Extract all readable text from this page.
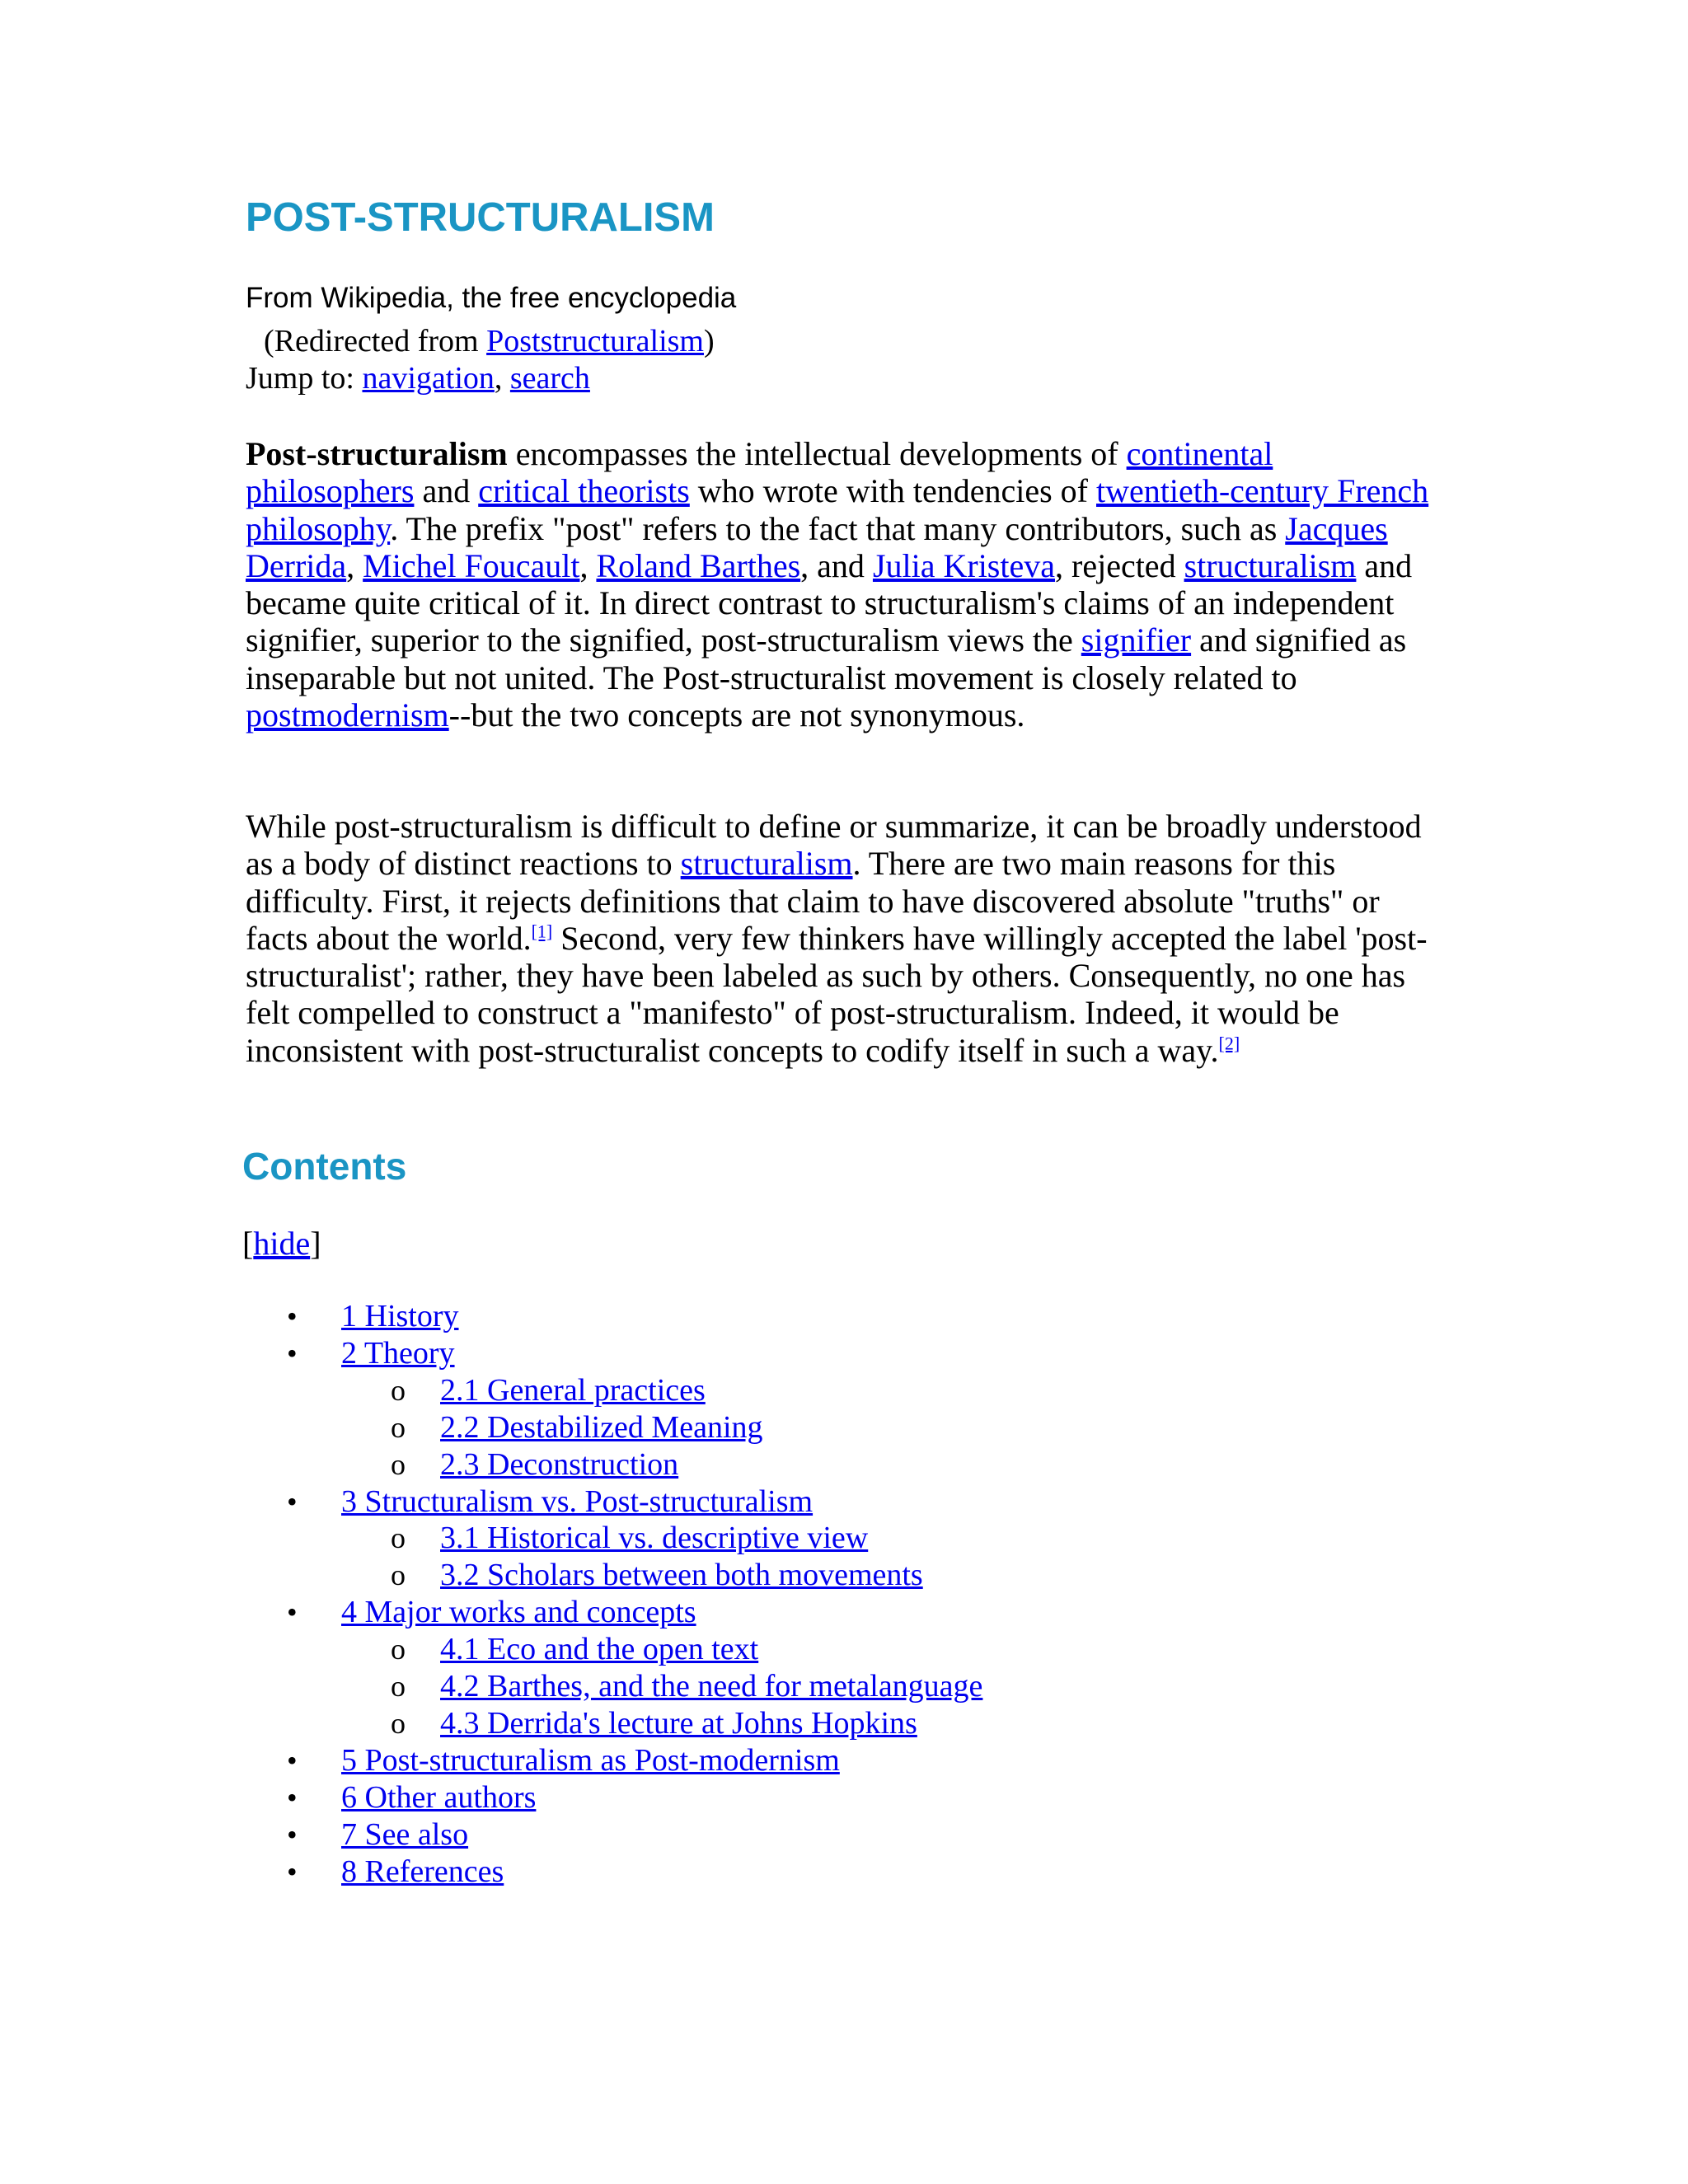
POST-STRUCTURALISM
From Wikipedia, the free encyclopedia
(Redirected from Poststructuralism)
Jump to: navigation, search

Post-structuralism encompasses the intellectual developments of continental philosophers and critical theorists who wrote with tendencies of twentieth-century French philosophy. The prefix "post" refers to the fact that many contributors, such as Jacques Derrida, Michel Foucault, Roland Barthes, and Julia Kristeva, rejected structuralism and became quite critical of it. In direct contrast to structuralism's claims of an independent signifier, superior to the signified, post-structuralism views the signifier and signified as inseparable but not united. The Post-structuralist movement is closely related to postmodernism--but the two concepts are not synonymous.

While post-structuralism is difficult to define or summarize, it can be broadly understood as a body of distinct reactions to structuralism. There are two main reasons for this difficulty. First, it rejects definitions that claim to have discovered absolute "truths" or facts about the world.[1] Second, very few thinkers have willingly accepted the label 'post-structuralist'; rather, they have been labeled as such by others. Consequently, no one has felt compelled to construct a "manifesto" of post-structuralism. Indeed, it would be inconsistent with post-structuralist concepts to codify itself in such a way.[2]

Contents
[hide]
• 1 History
• 2 Theory
o 2.1 General practices
o 2.2 Destabilized Meaning
o 2.3 Deconstruction
• 3 Structuralism vs. Post-structuralism
o 3.1 Historical vs. descriptive view
o 3.2 Scholars between both movements
• 4 Major works and concepts
o 4.1 Eco and the open text
o 4.2 Barthes, and the need for metalanguage
o 4.3 Derrida's lecture at Johns Hopkins
• 5 Post-structuralism as Post-modernism
• 6 Other authors
• 7 See also
• 8 References
